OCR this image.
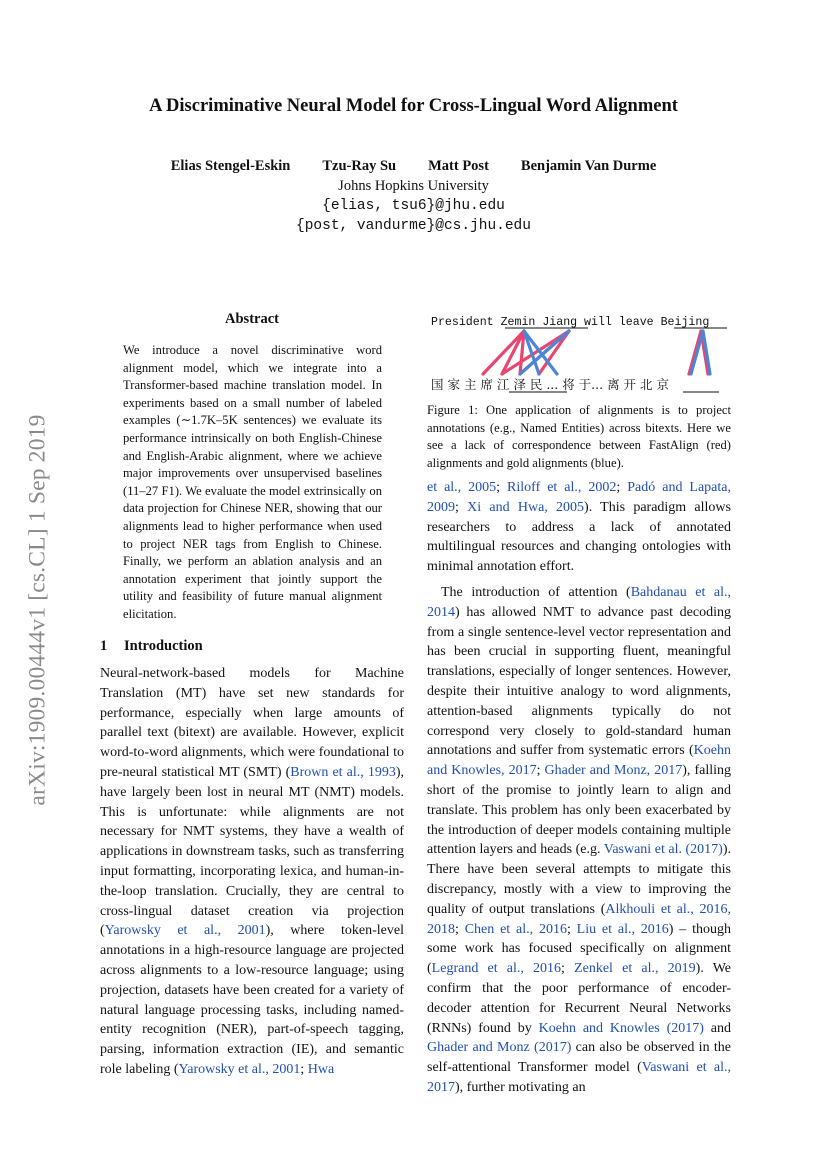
arXiv:1909.00444v1 [cs.CL] 1 Sep 2019
A Discriminative Neural Model for Cross-Lingual Word Alignment
Elias Stengel-Eskin Tzu-Ray Su Matt Post Benjamin Van Durme
Johns Hopkins University
{elias, tsu6}@jhu.edu
{post, vandurme}@cs.jhu.edu
Abstract
We introduce a novel discriminative word alignment model, which we integrate into a Transformer-based machine translation model. In experiments based on a small number of labeled examples (∼1.7K–5K sentences) we evaluate its performance intrinsically on both English-Chinese and English-Arabic alignment, where we achieve major improvements over unsupervised baselines (11–27 F1). We evaluate the model extrinsically on data projection for Chinese NER, showing that our alignments lead to higher performance when used to project NER tags from English to Chinese. Finally, we perform an ablation analysis and an annotation experiment that jointly support the utility and feasibility of future manual alignment elicitation.
1 Introduction

Neural-network-based models for Machine Translation (MT) have set new standards for performance, especially when large amounts of parallel text (bitext) are available. However, explicit word-to-word alignments, which were foundational to pre-neural statistical MT (SMT) (Brown et al., 1993), have largely been lost in neural MT (NMT) models. This is unfortunate: while alignments are not necessary for NMT systems, they have a wealth of applications in downstream tasks, such as transferring input formatting, incorporating lexica, and human-in-the-loop translation. Crucially, they are central to cross-lingual dataset creation via projection (Yarowsky et al., 2001), where token-level annotations in a high-resource language are projected across alignments to a low-resource language; using projection, datasets have been created for a variety of natural language processing tasks, including named-entity recognition (NER), part-of-speech tagging, parsing, information extraction (IE), and semantic role labeling (Yarowsky et al., 2001; Hwa

President Zemin Jiang will leave Beijing
国 家 主 席 江 泽 民 ... 将 于... 离 开 北 京
Figure 1: One application of alignments is to project annotations (e.g., Named Entities) across bitexts. Here we see a lack of correspondence between FastAlign (red) alignments and gold alignments (blue).

et al., 2005; Riloff et al., 2002; Padó and Lapata, 2009; Xi and Hwa, 2005). This paradigm allows researchers to address a lack of annotated multilingual resources and changing ontologies with minimal annotation effort.

The introduction of attention (Bahdanau et al., 2014) has allowed NMT to advance past decoding from a single sentence-level vector representation and has been crucial in supporting fluent, meaningful translations, especially of longer sentences. However, despite their intuitive analogy to word alignments, attention-based alignments typically do not correspond very closely to gold-standard human annotations and suffer from systematic errors (Koehn and Knowles, 2017; Ghader and Monz, 2017), falling short of the promise to jointly learn to align and translate. This problem has only been exacerbated by the introduction of deeper models containing multiple attention layers and heads (e.g. Vaswani et al. (2017)). There have been several attempts to mitigate this discrepancy, mostly with a view to improving the quality of output translations (Alkhouli et al., 2016, 2018; Chen et al., 2016; Liu et al., 2016) – though some work has focused specifically on alignment (Legrand et al., 2016; Zenkel et al., 2019). We confirm that the poor performance of encoder-decoder attention for Recurrent Neural Networks (RNNs) found by Koehn and Knowles (2017) and Ghader and Monz (2017) can also be observed in the self-attentional Transformer model (Vaswani et al., 2017), further motivating an
